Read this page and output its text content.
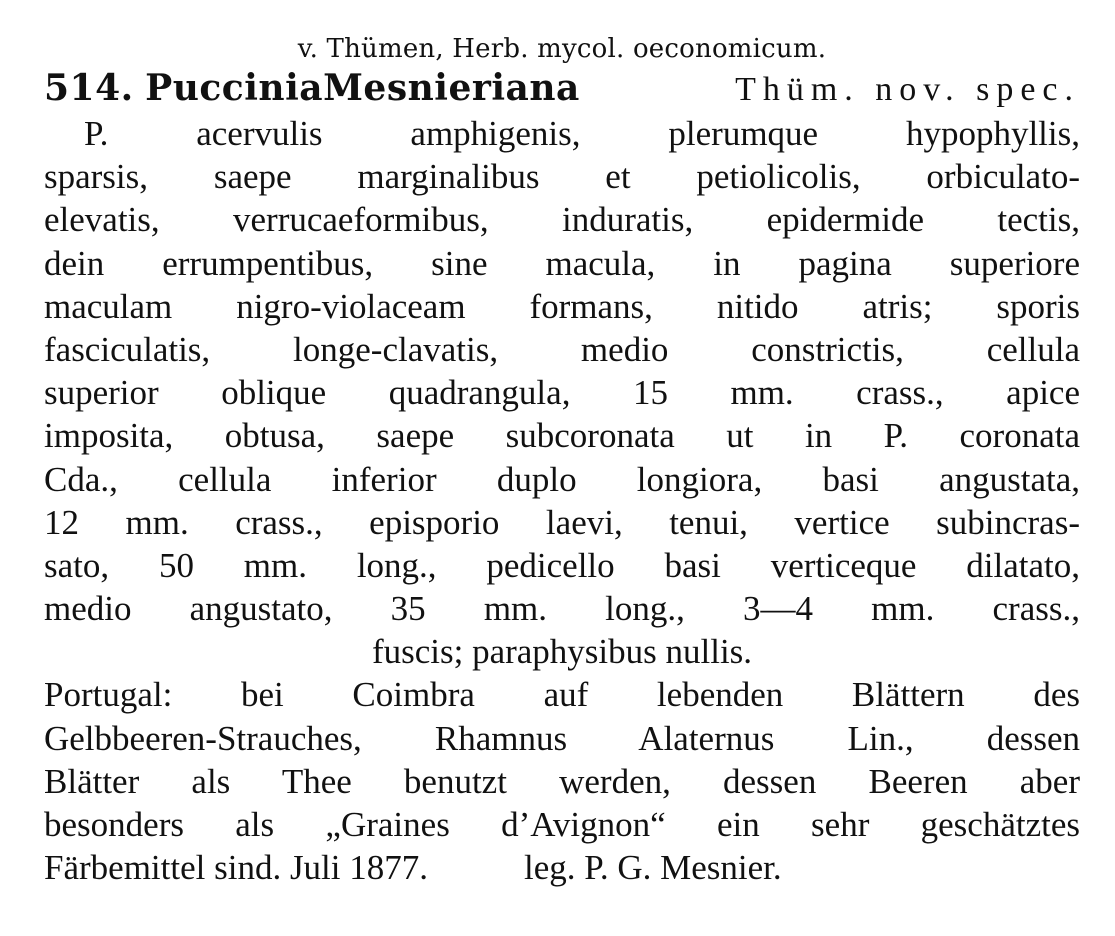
v. Thümen, Herb. mycol. oeconomicum.
514. PucciniaMesnieriana	Thüm. nov. spec.
P. acervulis amphigenis, plerumque hypophyllis,
sparsis, saepe marginalibus et petiolicolis, orbiculato-
elevatis, verrucaeformibus, induratis, epidermide tectis,
dein errumpentibus, sine macula, in pagina superiore
maculam nigro-violaceam formans, nitido atris; sporis
fasciculatis, longe-clavatis, medio constrictis, cellula
superior oblique quadrangula, 15 mm. crass., apice
imposita, obtusa, saepe subcoronata ut in P. coronata
Cda., cellula inferior duplo longiora, basi angustata,
12 mm. crass., episporio laevi, tenui, vertice subincras-
sato, 50 mm. long., pedicello basi verticeque dilatato,
medio angustato, 35 mm. long., 3—4 mm. crass.,
fuscis; paraphysibus nullis.
Portugal: bei Coimbra auf lebenden Blättern des
Gelbbeeren-Strauches, Rhamnus Alaternus Lin., dessen
Blätter als Thee benutzt werden, dessen Beeren aber
besonders als „Graines d’Avignon“ ein sehr geschätztes
Färbemittel sind. Juli 1877.	leg. P. G. Mesnier.
